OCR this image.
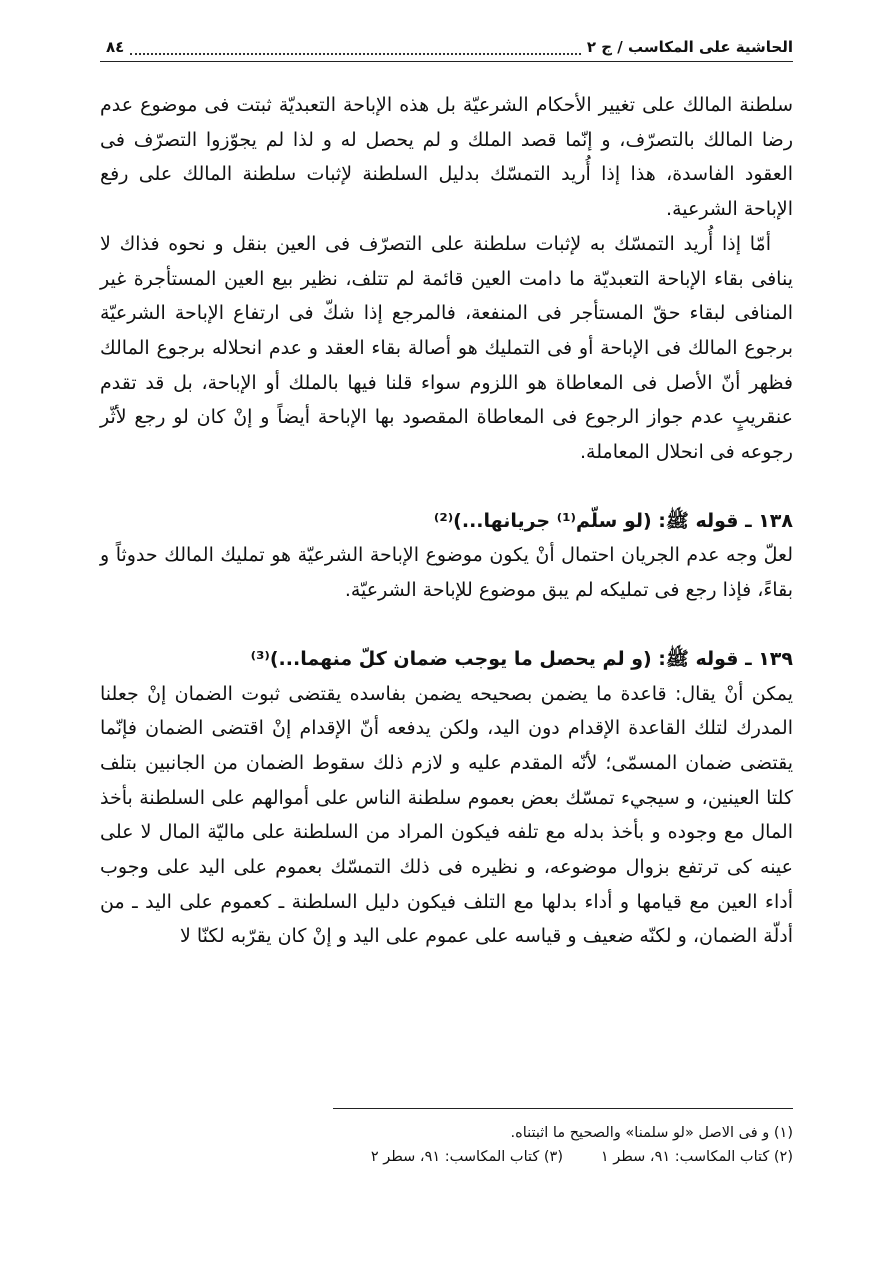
الحاشية على المكاسب / ج ٢
٨٤

سلطنة المالك على تغيير الأحكام الشرعيّة بل هذه الإباحة التعبديّة ثبتت فى موضوع عدم رضا المالك بالتصرّف، و إنّما قصد الملك و لم يحصل له و لذا لم يجوّزوا التصرّف فى العقود الفاسدة، هذا إذا أُريد التمسّك بدليل السلطنة لإثبات سلطنة المالك على رفع الإباحة الشرعية.

أمّا إذا أُريد التمسّك به لإثبات سلطنة على التصرّف فى العين بنقل و نحوه فذاك لا ينافى بقاء الإباحة التعبديّة ما دامت العين قائمة لم تتلف، نظير بيع العين المستأجرة غير المنافى لبقاء حقّ المستأجر فى المنفعة، فالمرجع إذا شكّ فى ارتفاع الإباحة الشرعيّة برجوع المالك فى الإباحة أو فى التمليك هو أصالة بقاء العقد و عدم انحلاله برجوع المالك فظهر أنّ الأصل فى المعاطاة هو اللزوم سواء قلنا فيها بالملك أو الإباحة، بل قد تقدم عنقريبٍ عدم جواز الرجوع فى المعاطاة المقصود بها الإباحة أيضاً و إنْ كان لو رجع لأثّر رجوعه فى انحلال المعاملة.

١٣٨ ـ قوله ﷺ: (لو سلّم⁽¹⁾ جريانها...)⁽²⁾

لعلّ وجه عدم الجريان احتمال أنْ يكون موضوع الإباحة الشرعيّة هو تمليك المالك حدوثاً و بقاءً، فإذا رجع فى تمليكه لم يبق موضوع للإباحة الشرعيّة.

١٣٩ ـ قوله ﷺ: (و لم يحصل ما يوجب ضمان كلّ منهما...)⁽³⁾

يمكن أنْ يقال: قاعدة ما يضمن بصحيحه يضمن بفاسده يقتضى ثبوت الضمان إنْ جعلنا المدرك لتلك القاعدة الإقدام دون اليد، ولكن يدفعه أنّ الإقدام إنْ اقتضى الضمان فإنّما يقتضى ضمان المسمّى؛ لأنّه المقدم عليه و لازم ذلك سقوط الضمان من الجانبين بتلف كلتا العينين، و سيجيء تمسّك بعض بعموم سلطنة الناس على أموالهم على السلطنة بأخذ المال مع وجوده و بأخذ بدله مع تلفه فيكون المراد من السلطنة على ماليّة المال لا على عينه كى ترتفع بزوال موضوعه، و نظيره فى ذلك التمسّك بعموم على اليد على وجوب أداء العين مع قيامها و أداء بدلها مع التلف فيكون دليل السلطنة ـ كعموم على اليد ـ من أدلّة الضمان، و لكنّه ضعيف و قياسه على عموم على اليد و إنْ كان يقرّبه لكنّا لا

(١) و فى الاصل «لو سلمنا» والصحيح ما اثبتناه.
(٢) كتاب المكاسب: ٩١، سطر ١
(٣) كتاب المكاسب: ٩١، سطر ٢
